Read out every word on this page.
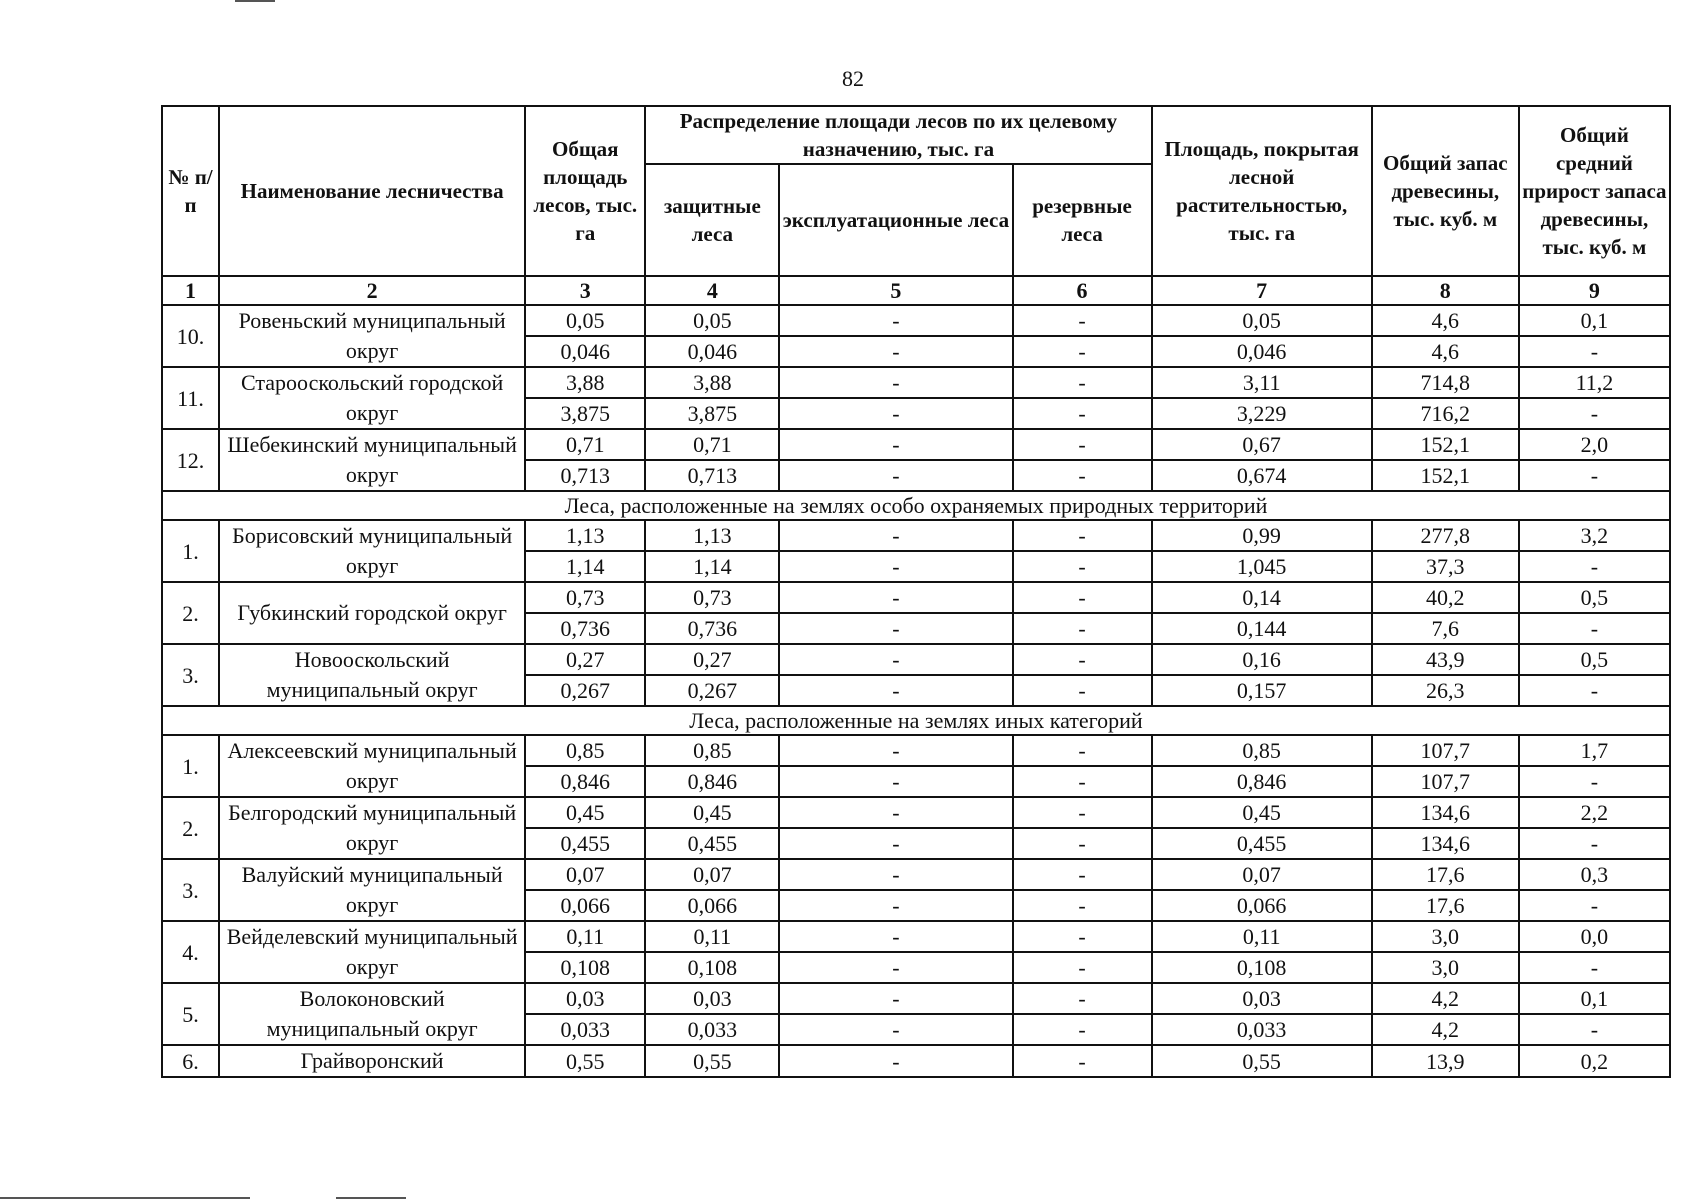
82
№ п/п	Наименование лесничества	Общая площадь лесов, тыс. га	Распределение площади лесов по их целевому назначению, тыс. га			Площадь, покрытая лесной растительностью, тыс. га	Общий запас древесины, тыс. куб. м	Общий средний прирост запаса древесины, тыс. куб. м
			защитные леса	эксплуатационные леса	резервные леса			
1	2	3	4	5	6	7	8	9
10.	Ровеньский муниципальный округ	0,05	0,05	-	-	0,05	4,6	0,1
		0,046	0,046	-	-	0,046	4,6	-
11.	Старооскольский городской округ	3,88	3,88	-	-	3,11	714,8	11,2
		3,875	3,875	-	-	3,229	716,2	-
12.	Шебекинский муниципальный округ	0,71	0,71	-	-	0,67	152,1	2,0
		0,713	0,713	-	-	0,674	152,1	-
Леса, расположенные на землях особо охраняемых природных территорий								
1.	Борисовский муниципальный округ	1,13	1,13	-	-	0,99	277,8	3,2
		1,14	1,14	-	-	1,045	37,3	-
2.	Губкинский городской округ	0,73	0,73	-	-	0,14	40,2	0,5
		0,736	0,736	-	-	0,144	7,6	-
3.	Новооскольский муниципальный округ	0,27	0,27	-	-	0,16	43,9	0,5
		0,267	0,267	-	-	0,157	26,3	-
Леса, расположенные на землях иных категорий								
1.	Алексеевский муниципальный округ	0,85	0,85	-	-	0,85	107,7	1,7
		0,846	0,846	-	-	0,846	107,7	-
2.	Белгородский муниципальный округ	0,45	0,45	-	-	0,45	134,6	2,2
		0,455	0,455	-	-	0,455	134,6	-
3.	Валуйский муниципальный округ	0,07	0,07	-	-	0,07	17,6	0,3
		0,066	0,066	-	-	0,066	17,6	-
4.	Вейделевский муниципальный округ	0,11	0,11	-	-	0,11	3,0	0,0
		0,108	0,108	-	-	0,108	3,0	-
5.	Волоконовский муниципальный округ	0,03	0,03	-	-	0,03	4,2	0,1
		0,033	0,033	-	-	0,033	4,2	-
6.	Грайворонский	0,55	0,55	-	-	0,55	13,9	0,2
